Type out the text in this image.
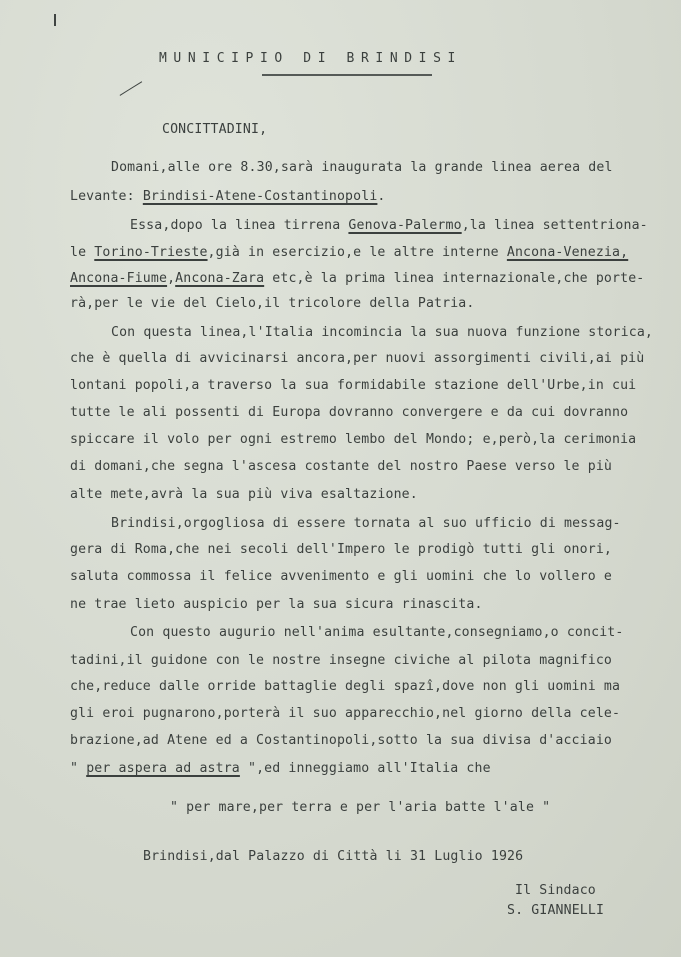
MUNICIPIO DI BRINDISI
CONCITTADINI,
Domani,alle ore 8.30,sarà inaugurata la grande linea aerea del
Levante: Brindisi-Atene-Costantinopoli.
Essa,dopo la linea tirrena Genova-Palermo,la linea settentriona-
le Torino-Trieste,già in esercizio,e le altre interne Ancona-Venezia,
Ancona-Fiume,Ancona-Zara etc,è la prima linea internazionale,che porte-
rà,per le vie del Cielo,il tricolore della Patria.
Con questa linea,l'Italia incomincia la sua nuova funzione storica,
che è quella di avvicinarsi ancora,per nuovi assorgimenti civili,ai più
lontani popoli,a traverso la sua formidabile stazione dell'Urbe,in cui
tutte le ali possenti di Europa dovranno convergere e da cui dovranno
spiccare il volo per ogni estremo lembo del Mondo; e,però,la cerimonia
di domani,che segna l'ascesa costante del nostro Paese verso le più
alte mete,avrà la sua più viva esaltazione.
Brindisi,orgogliosa di essere tornata al suo ufficio di messag-
gera di Roma,che nei secoli dell'Impero le prodigò tutti gli onori,
saluta commossa il felice avvenimento e gli uomini che lo vollero e
ne trae lieto auspicio per la sua sicura rinascita.
Con questo augurio nell'anima esultante,consegniamo,o concit-
tadini,il guidone con le nostre insegne civiche al pilota magnifico
che,reduce dalle orride battaglie degli spazî,dove non gli uomini ma
gli eroi pugnarono,porterà il suo apparecchio,nel giorno della cele-
brazione,ad Atene ed a Costantinopoli,sotto la sua divisa d'acciaio
" per aspera ad astra ",ed inneggiamo all'Italia che
" per mare,per terra e per l'aria batte l'ale "
Brindisi,dal Palazzo di Città li 31 Luglio 1926
Il Sindaco
S. GIANNELLI
